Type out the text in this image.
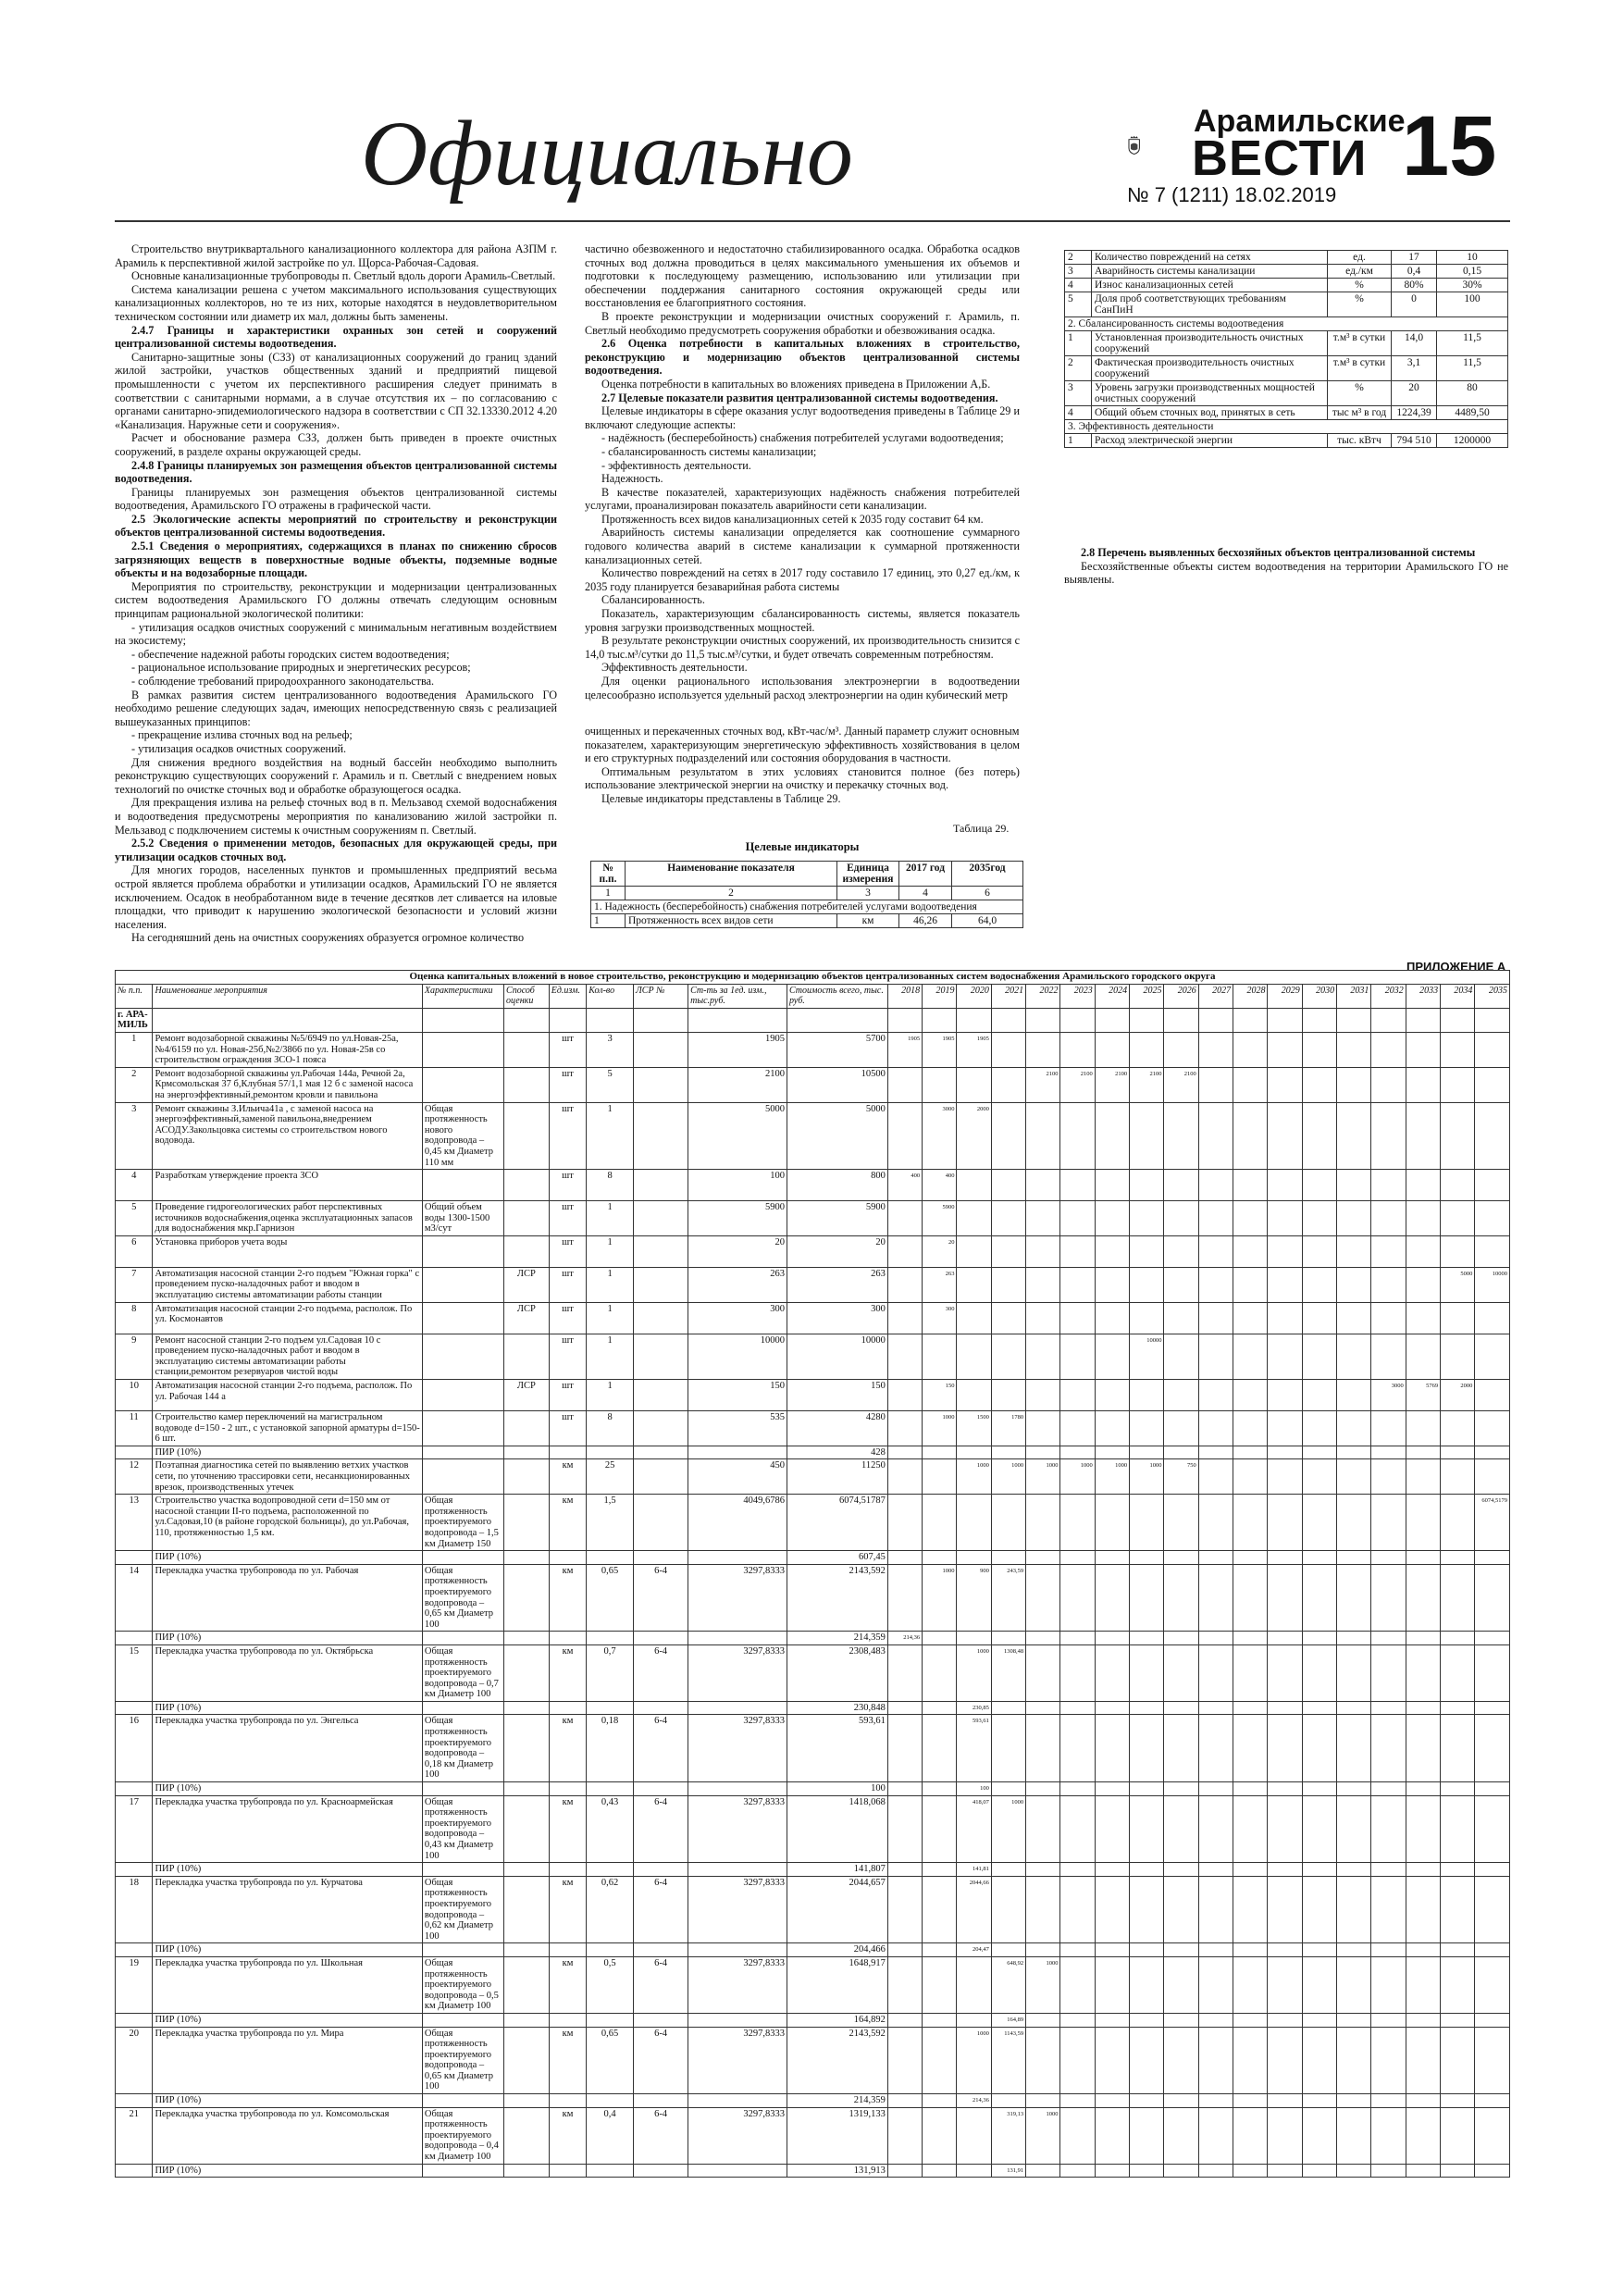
Официально	Арамильские
ВЕСТИ
№ 7 (1211) 18.02.2019
15

Строительство внутриквартального канализационного коллектора для района АЗПМ г. Арамиль к перспективной жилой застройке по ул. Щорса-Рабочая-Садовая.

Основные канализационные трубопроводы п. Светлый вдоль дороги Арамиль-Светлый.

Система канализации решена с учетом максимального использования существующих канализационных коллекторов, но те из них, которые находятся в неудовлетворительном техническом состоянии или диаметр их мал, должны быть заменены.

2.4.7 Границы и характеристики охранных зон сетей и сооружений централизованной системы водоотведения.

Санитарно-защитные зоны (СЗЗ) от канализационных сооружений до границ зданий жилой застройки, участков общественных зданий и предприятий пищевой промышленности с учетом их перспективного расширения следует принимать в соответствии с санитарными нормами, а в случае отсутствия их – по согласованию с органами санитарно-эпидемиологического надзора в соответствии с СП 32.13330.2012 4.20 «Канализация. Наружные сети и сооружения».

Расчет и обоснование размера СЗЗ, должен быть приведен в проекте очистных сооружений, в разделе охраны окружающей среды.

2.4.8 Границы планируемых зон размещения объектов централизованной системы водоотведения.

Границы планируемых зон размещения объектов централизованной системы водоотведения, Арамильского ГО отражены в графической части.

2.5 Экологические аспекты мероприятий по строительству и реконструкции объектов централизованной системы водоотведения.

2.5.1 Сведения о мероприятиях, содержащихся в планах по снижению сбросов загрязняющих веществ в поверхностные водные объекты, подземные водные объекты и на водозаборные площади.

Мероприятия по строительству, реконструкции и модернизации централизованных систем водоотведения Арамильского ГО должны отвечать следующим основным принципам рациональной экологической политики:

- утилизация осадков очистных сооружений с минимальным негативным воздействием на экосистему;

- обеспечение надежной работы городских систем водоотведения;

- рациональное использование природных и энергетических ресурсов;

- соблюдение требований природоохранного законодательства.

В рамках развития систем централизованного водоотведения Арамильского ГО необходимо решение следующих задач, имеющих непосредственную связь с реализацией вышеуказанных принципов:

- прекращение излива сточных вод на рельеф;

- утилизация осадков очистных сооружений.

Для снижения вредного воздействия на водный бассейн необходимо выполнить реконструкцию существующих сооружений г. Арамиль и п. Светлый с внедрением новых технологий по очистке сточных вод и обработке образующегося осадка.

Для прекращения излива на рельеф сточных вод в п. Мельзавод схемой водоснабжения и водоотведения предусмотрены мероприятия по канализованию жилой застройки п. Мельзавод с подключением системы к очистным сооружениям п. Светлый.

2.5.2 Сведения о применении методов, безопасных для окружающей среды, при утилизации осадков сточных вод.

Для многих городов, населенных пунктов и промышленных предприятий весьма острой является проблема обработки и утилизации осадков, Арамильский ГО не является исключением. Осадок в необработанном виде в течение десятков лет сливается на иловые площадки, что приводит к нарушению экологической безопасности и условий жизни населения.

На сегодняшний день на очистных сооружениях образуется огромное количество

частично обезвоженного и недостаточно стабилизированного осадка. Обработка осадков сточных вод должна проводиться в целях максимального уменьшения их объемов и подготовки к последующему размещению, использованию или утилизации при обеспечении поддержания санитарного состояния окружающей среды или восстановления ее благоприятного состояния.

В проекте реконструкции и модернизации очистных сооружений г. Арамиль, п. Светлый необходимо предусмотреть сооружения обработки и обезвоживания осадка.

2.6 Оценка потребности в капитальных вложениях в строительство, реконструкцию и модернизацию объектов централизованной системы водоотведения.

Оценка потребности в капитальных во вложениях приведена в Приложении А,Б.

2.7 Целевые показатели развития централизованной системы водоотведения.

Целевые индикаторы в сфере оказания услуг водоотведения приведены в Таблице 29 и включают следующие аспекты:

- надёжность (бесперебойность) снабжения потребителей услугами водоотведения;

- сбалансированность системы канализации;

- эффективность деятельности.

Надежность.

В качестве показателей, характеризующих надёжность снабжения потребителей услугами, проанализирован показатель аварийности сети канализации.

Протяженность всех видов канализационных сетей к 2035 году составит 64 км.

Аварийность системы канализации определяется как соотношение суммарного годового количества аварий в системе канализации к суммарной протяженности канализационных сетей.

Количество повреждений на сетях в 2017 году составило 17 единиц, это 0,27 ед./км, к 2035 году планируется безаварийная работа системы

Сбалансированность.

Показатель, характеризующим сбалансированность системы, является показатель уровня загрузки производственных мощностей.

В результате реконструкции очистных сооружений, их производительность снизится с 14,0 тыс.м³/сутки до 11,5 тыс.м³/сутки, и будет отвечать современным потребностям.

Эффективность деятельности.

Для оценки рационального использования электроэнергии в водоотведении целесообразно используется удельный расход электроэнергии на один кубический метр

очищенных и перекаченных сточных вод, кВт-час/м³. Данный параметр служит основным

показателем, характеризующим энергетическую эффективность хозяйствования в целом и его структурных подразделений или состояния оборудования в частности.

Оптимальным результатом в этих условиях становится полное (без потерь) использование электрической энергии на очистку и перекачку сточных вод.

Целевые индикаторы представлены в Таблице 29.

Таблица 29.
Целевые индикаторы
№ п.п.	Наименование показателя	Единица измерения	2017 год	2035год
1	2	3	4	6
1. Надежность (бесперебойность) снабжения потребителей услугами водоотведения				
1	Протяженность всех видов сети	км	46,26	64,0
2	Количество повреждений на сетях	ед.	17	10
3	Аварийность системы канализации	ед./км	0,4	0,15
4	Износ канализационных сетей	%	80%	30%
5	Доля проб соответствующих требованиям СанПиН	%	0	100
2. Сбалансированность системы водоотведения				
1	Установленная производительность очистных сооружений	т.м³ в сутки	14,0	11,5
2	Фактическая производительность очистных сооружений	т.м³ в сутки	3,1	11,5
3	Уровень загрузки производственных мощностей очистных сооружений	%	20	80
4	Общий объем сточных вод, принятых в сеть	тыс м³ в год	1224,39	4489,50
3. Эффективность деятельности				
1	Расход электрической энергии	тыс. кВтч	794 510	1200000

2.8 Перечень выявленных бесхозяйных объектов централизованной системы

Бесхозяйственные объекты систем водоотведения на территории Арамильского ГО не выявлены.

ПРИЛОЖЕНИЕ А
Оценка капитальных вложений в новое строительство, реконструкцию и модернизацию объектов централизованных систем водоснабжения Арамильского городского округа																										
№ п.п.	Наименование мероприятия	Характеристики	Способ оценки	Ед.изм.	Кол-во	ЛСР №	Ст-ть за 1ед. изм., тыс.руб.	Стоимость всего, тыс. руб.	2018	2019	2020	2021	2022	2023	2024	2025	2026	2027	2028	2029	2030	2031	2032	2033	2034	2035
г. АРА-МИЛЬ																										
1	Ремонт водозаборной скважины №5/6949 по ул.Новая-25а,№4/6159 по ул. Новая-25б,№2/3866 по ул. Новая-25в со строительством ограждения ЗСО-1 пояса			шт	3		1905	5700	1905	1905	1905															
2	Ремонт водозаборной скважины ул.Рабочая 144а, Речной 2а, Крмсомольская 37 б,Клубная 57/1,1 мая 12 б с заменой насоса на энергоэффективный,ремонтом кровли и павильона			шт	5		2100	10500					2100	2100	2100	2100	2100									
3	Ремонт скважины З.Ильича41а , с заменой насоса на энергоэффективный,заменой павильона,внедрением АСОДУ.Закольцовка системы со строительством нового водовода.	Общая протяженность нового водопровода – 0,45 км Диаметр 110 мм		шт	1		5000	5000		3000	2000															
4	Разработкам утверждение проекта ЗСО			шт	8		100	800	400	400																
5	Проведение гидрогеологических работ перспективных источников водоснабжения,оценка эксплуатационных запасов для водоснабжения мкр.Гарнизон	Общий объем воды 1300-1500 м3/сут		шт	1		5900	5900		5900																
6	Установка приборов учета воды			шт	1		20	20		20																
7	Автоматизация насосной станции 2-го подъем "Южная горка" с проведением пуско-наладочных работ и вводом в эксплуатацию системы автоматизации работы станции		ЛСР	шт	1		263	263		263															5000	10000
8	Автоматизация насосной станции 2-го подъема, располож. По ул. Космонавтов		ЛСР	шт	1		300	300		300																
9	Ремонт насосной станции 2-го подъем ул.Садовая 10 с проведением пуско-наладочных работ и вводом в эксплуатацию системы автоматизации работы станции,ремонтом резервуаров чистой воды			шт	1		10000	10000								10000										
10	Автоматизация насосной станции 2-го подъема, располож. По ул. Рабочая 144 а		ЛСР	шт	1		150	150		150													3000	5769	2000	
11	Строительство камер переключений на магистральном водоводе d=150 - 2 шт., с установкой запорной арматуры d=150- 6 шт.			шт	8		535	4280		1000	1500	1780														
	ПИР (10%)							428																		
12	Поэтапная диагностика сетей по выявлению ветхих участков сети, по уточнению трассировки сети, несанкционированных врезок, производственных утечек			км	25		450	11250			1000	1000	1000	1000	1000	1000	750									
13	Строительство участка водопроводной сети d=150 мм от насосной станции II-го подъема, расположенной по ул.Садовая,10 (в районе городской больницы), до ул.Рабочая, 110, протяженностью 1,5 км.	Общая протяженность проектируемого водопровода – 1,5 км Диаметр 150		км	1,5		4049,6786	6074,51787																		6074,5179
	ПИР (10%)							607,45																		
14	Перекладка участка трубопровода по ул. Рабочая	Общая протяженность проектируемого водопровода – 0,65 км Диаметр 100		км	0,65	6-4	3297,8333	2143,592		1000	900	243,59														
	ПИР (10%)							214,359	214,36																	
15	Перекладка участка трубопровода по ул. Октябрьска	Общая протяженность проектируемого водопровода – 0,7 км Диаметр 100		км	0,7	6-4	3297,8333	2308,483			1000	1308,48														
	ПИР (10%)							230,848			230,85															
16	Перекладка участка трубопровда по ул. Энгельса	Общая протяженность проектируемого водопровода – 0,18 км Диаметр 100		км	0,18	6-4	3297,8333	593,61			593,61															
	ПИР (10%)							100			100															
17	Перекладка участка трубопровда по ул. Красноармейская	Общая протяженность проектируемого водопровода – 0,43 км Диаметр 100		км	0,43	6-4	3297,8333	1418,068			418,07	1000														
	ПИР (10%)							141,807			141,81															
18	Перекладка участка трубопровда по ул. Курчатова	Общая протяженность проектируемого водопровода – 0,62 км Диаметр 100		км	0,62	6-4	3297,8333	2044,657			2044,66															
	ПИР (10%)							204,466			204,47															
19	Перекладка участка трубопровда по ул. Школьная	Общая протяженность проектируемого водопровода – 0,5 км Диаметр 100		км	0,5	6-4	3297,8333	1648,917				648,92	1000													
	ПИР (10%)							164,892				164,89														
20	Перекладка участка трубопровда по ул. Мира	Общая протяженность проектируемого водопровода – 0,65 км Диаметр 100		км	0,65	6-4	3297,8333	2143,592			1000	1143,59														
	ПИР (10%)							214,359			214,36															
21	Перекладка участка трубопровода по ул. Комсомольская	Общая протяженность проектируемого водопровода – 0,4 км Диаметр 100		км	0,4	6-4	3297,8333	1319,133				319,13	1000													
	ПИР (10%)							131,913				131,91														
